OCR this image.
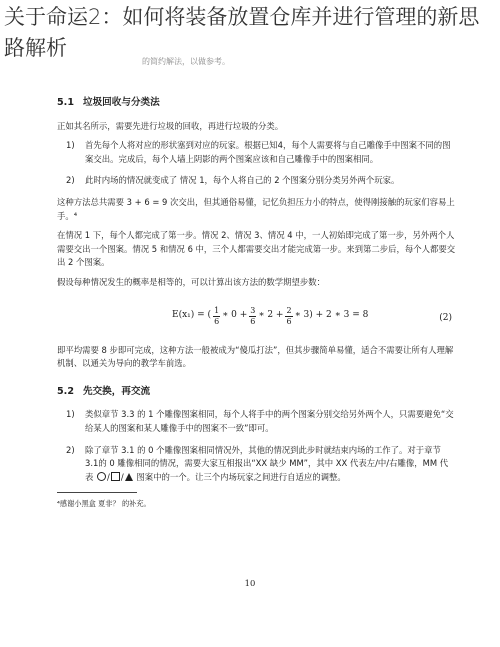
关于命运2：如何将装备放置仓库并进行管理的新思路解析
的简约解法，以做参考。
5.1 垃圾回收与分类法

正如其名所示，需要先进行垃圾的回收，再进行垃圾的分类。

1)	首先每个人将对应的形状塞到对应的玩家。根据已知4，每个人需要将与自己雕像手中图案不同的图案交出。完成后，每个人墙上阴影的两个图案应该和自己雕像手中的图案相同。
2)	此时内场的情况就变成了 情况 1，每个人将自己的 2 个图案分别分类另外两个玩家。

这种方法总共需要 3 + 6 = 9 次交出，但其通俗易懂，记忆负担压力小的特点，使得刚接触的玩家们容易上手。⁴

在情况 1 下，每个人都完成了第一步。情况 2、情况 3、情况 4 中，一人初始即完成了第一步，另外两个人需要交出一个图案。情况 5 和情况 6 中，三个人都需要交出才能完成第一步。来到第二步后，每个人都要交出 2 个图案。

假设每种情况发生的概率是相等的，可以计算出该方法的数学期望步数：

E(x₁) = ( $\frac{1}{6}$ ∗ $0 + \frac{3}{6}$ ∗ $2 + \frac{2}{6}$ ∗ 3) + 2 ∗ 3 = 8	(2)

即平均需要 8 步即可完成，这种方法一般被成为“傻瓜打法”，但其步骤简单易懂，适合不需要让所有人理解机制、以通关为导向的教学车前选。

5.2 先交换，再交流
1)	类似章节 3.3 的 1 个雕像图案相同，每个人将手中的两个图案分别交给另外两个人，只需要避免“交给某人的图案和某人雕像手中的图案不一致”即可。
2)	除了章节 3.1 的 0 个雕像图案相同情况外，其他的情况到此步时就结束内场的工作了。对于章节 3.1的 0 雕像相同的情况，需要大家互相报出“XX 缺少 MM”，其中 XX 代表左/中/右雕像，MM 代表 / / 图案中的一个。让三个内场玩家之间进行自适应的调整。
⁴感谢小黑盒 夏非？ 的补充。
10
